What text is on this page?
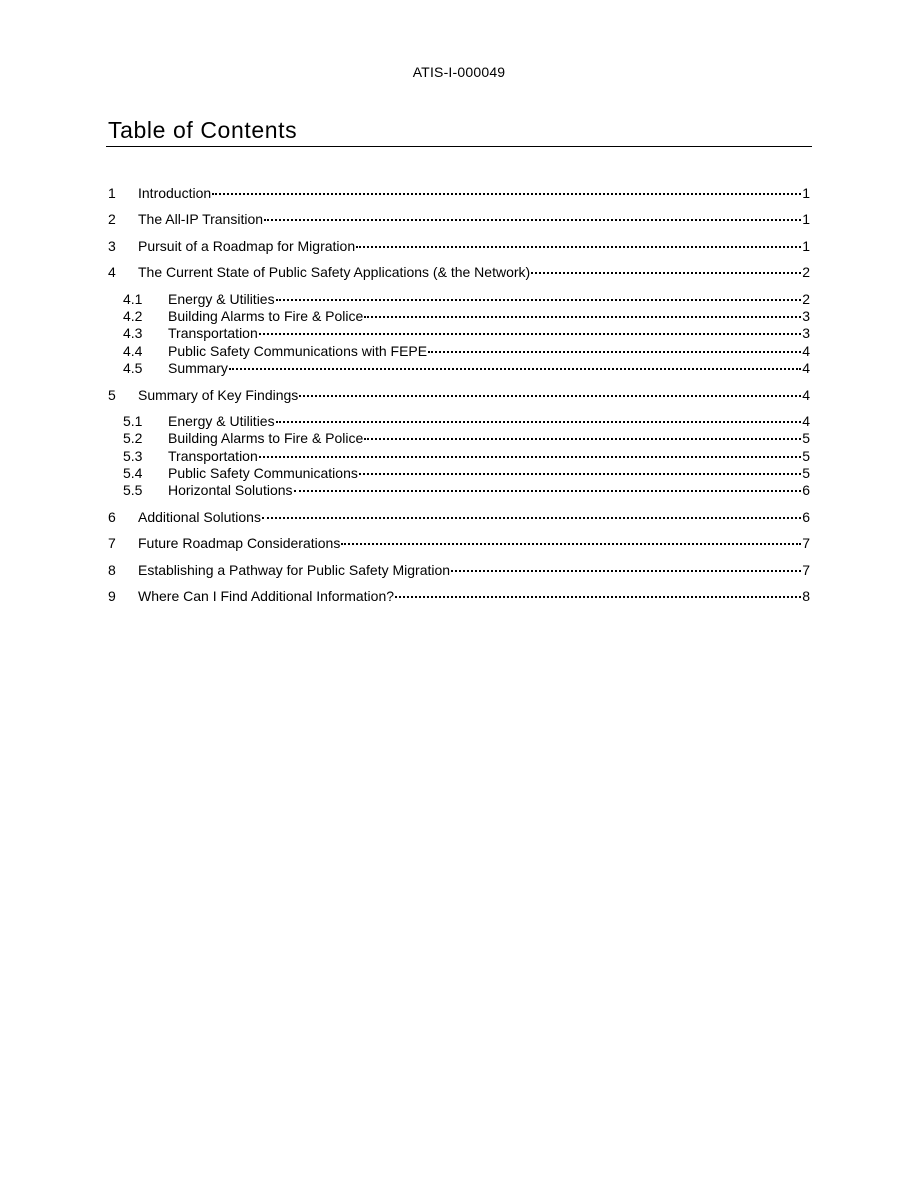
ATIS-I-000049
Table of Contents
1	Introduction	1
2	The All-IP Transition	1
3	Pursuit of a Roadmap for Migration	1
4	The Current State of Public Safety Applications (& the Network)	2
4.1	Energy & Utilities	2
4.2	Building Alarms to Fire & Police	3
4.3	Transportation	3
4.4	Public Safety Communications with FEPE	4
4.5	Summary	4
5	Summary of Key Findings	4
5.1	Energy & Utilities	4
5.2	Building Alarms to Fire & Police	5
5.3	Transportation	5
5.4	Public Safety Communications	5
5.5	Horizontal Solutions	6
6	Additional Solutions	6
7	Future Roadmap Considerations	7
8	Establishing a Pathway for Public Safety Migration	7
9	Where Can I Find Additional Information?	8
